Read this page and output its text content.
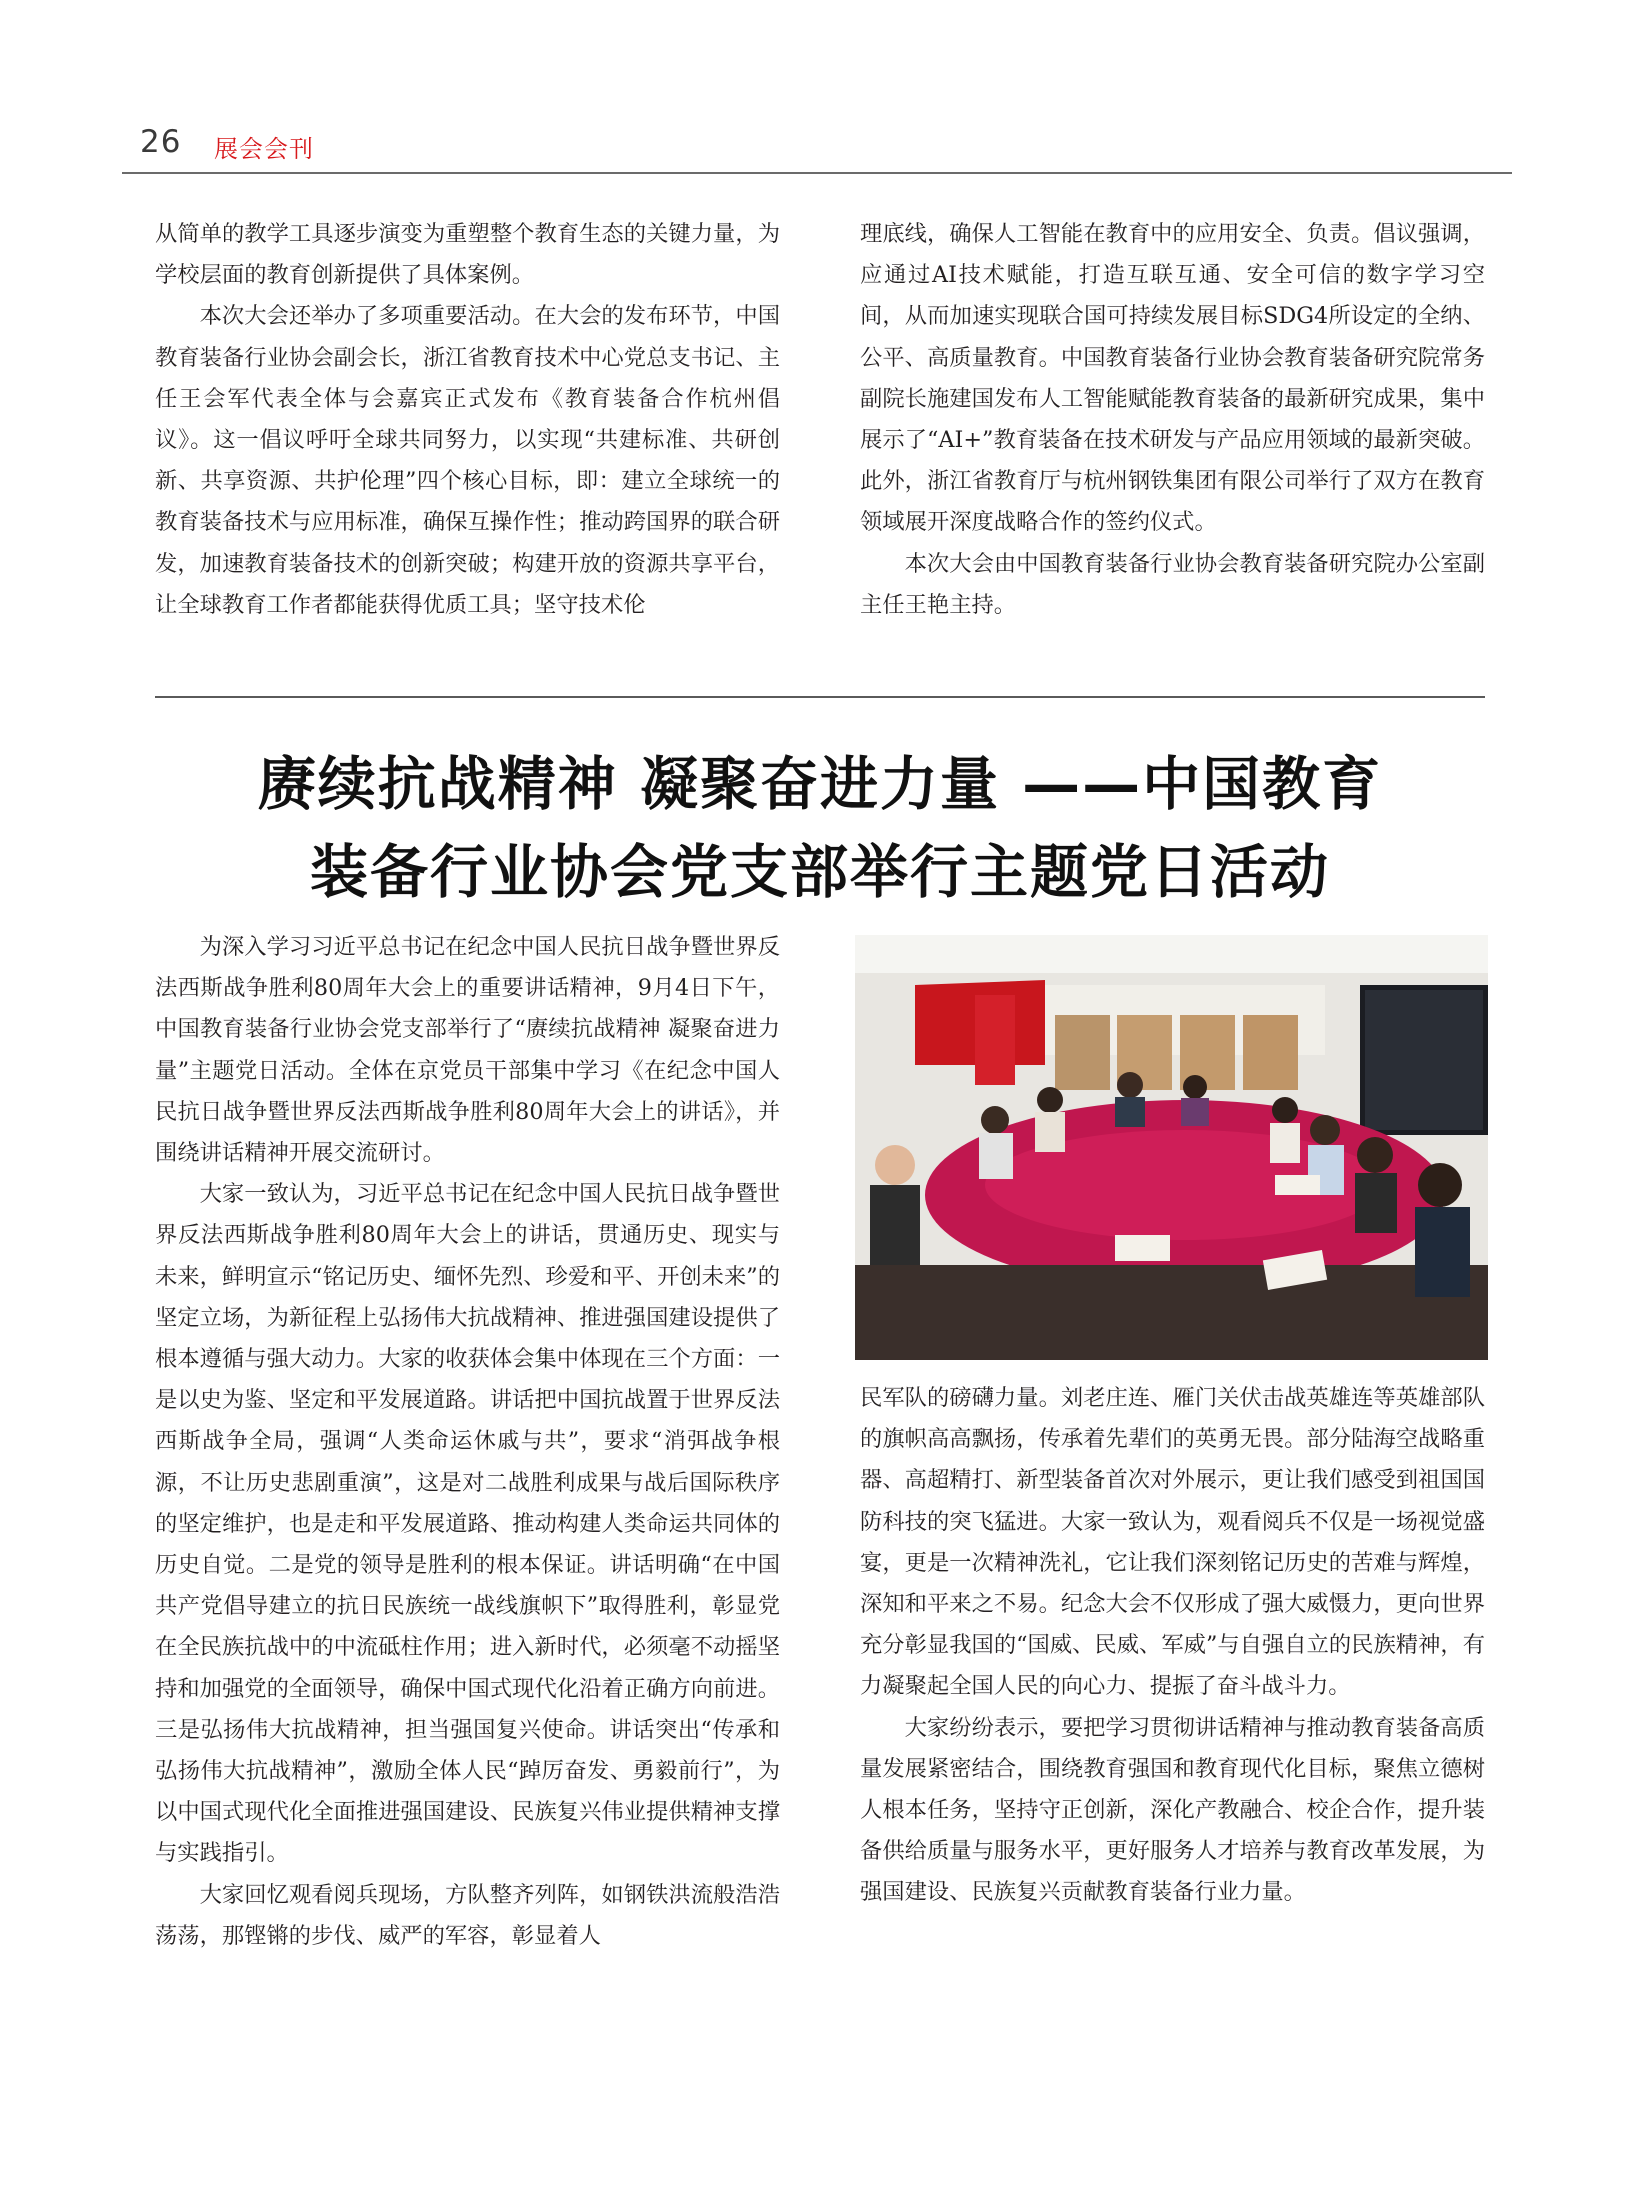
26 展会会刊

从简单的教学工具逐步演变为重塑整个教育生态的关键力量，为学校层面的教育创新提供了具体案例。

本次大会还举办了多项重要活动。在大会的发布环节，中国教育装备行业协会副会长，浙江省教育技术中心党总支书记、主任王会军代表全体与会嘉宾正式发布《教育装备合作杭州倡议》。这一倡议呼吁全球共同努力，以实现“共建标准、共研创新、共享资源、共护伦理”四个核心目标，即：建立全球统一的教育装备技术与应用标准，确保互操作性；推动跨国界的联合研发，加速教育装备技术的创新突破；构建开放的资源共享平台，让全球教育工作者都能获得优质工具；坚守技术伦

理底线，确保人工智能在教育中的应用安全、负责。倡议强调，应通过AI技术赋能，打造互联互通、安全可信的数字学习空间，从而加速实现联合国可持续发展目标SDG4所设定的全纳、公平、高质量教育。中国教育装备行业协会教育装备研究院常务副院长施建国发布人工智能赋能教育装备的最新研究成果，集中展示了“AI+”教育装备在技术研发与产品应用领域的最新突破。此外，浙江省教育厅与杭州钢铁集团有限公司举行了双方在教育领域展开深度战略合作的签约仪式。

本次大会由中国教育装备行业协会教育装备研究院办公室副主任王艳主持。

赓续抗战精神 凝聚奋进力量 ——中国教育
装备行业协会党支部举行主题党日活动

为深入学习习近平总书记在纪念中国人民抗日战争暨世界反法西斯战争胜利80周年大会上的重要讲话精神，9月4日下午，中国教育装备行业协会党支部举行了“赓续抗战精神 凝聚奋进力量”主题党日活动。全体在京党员干部集中学习《在纪念中国人民抗日战争暨世界反法西斯战争胜利80周年大会上的讲话》，并围绕讲话精神开展交流研讨。

大家一致认为，习近平总书记在纪念中国人民抗日战争暨世界反法西斯战争胜利80周年大会上的讲话，贯通历史、现实与未来，鲜明宣示“铭记历史、缅怀先烈、珍爱和平、开创未来”的坚定立场，为新征程上弘扬伟大抗战精神、推进强国建设提供了根本遵循与强大动力。大家的收获体会集中体现在三个方面：一是以史为鉴、坚定和平发展道路。讲话把中国抗战置于世界反法西斯战争全局，强调“人类命运休戚与共”，要求“消弭战争根源，不让历史悲剧重演”，这是对二战胜利成果与战后国际秩序的坚定维护，也是走和平发展道路、推动构建人类命运共同体的历史自觉。二是党的领导是胜利的根本保证。讲话明确“在中国共产党倡导建立的抗日民族统一战线旗帜下”取得胜利，彰显党在全民族抗战中的中流砥柱作用；进入新时代，必须毫不动摇坚持和加强党的全面领导，确保中国式现代化沿着正确方向前进。三是弘扬伟大抗战精神，担当强国复兴使命。讲话突出“传承和弘扬伟大抗战精神”，激励全体人民“踔厉奋发、勇毅前行”，为以中国式现代化全面推进强国建设、民族复兴伟业提供精神支撑与实践指引。

大家回忆观看阅兵现场，方队整齐列阵，如钢铁洪流般浩浩荡荡，那铿锵的步伐、威严的军容，彰显着人

民军队的磅礴力量。刘老庄连、雁门关伏击战英雄连等英雄部队的旗帜高高飘扬，传承着先辈们的英勇无畏。部分陆海空战略重器、高超精打、新型装备首次对外展示，更让我们感受到祖国国防科技的突飞猛进。大家一致认为，观看阅兵不仅是一场视觉盛宴，更是一次精神洗礼，它让我们深刻铭记历史的苦难与辉煌，深知和平来之不易。纪念大会不仅形成了强大威慑力，更向世界充分彰显我国的“国威、民威、军威”与自强自立的民族精神，有力凝聚起全国人民的向心力、提振了奋斗战斗力。

大家纷纷表示，要把学习贯彻讲话精神与推动教育装备高质量发展紧密结合，围绕教育强国和教育现代化目标，聚焦立德树人根本任务，坚持守正创新，深化产教融合、校企合作，提升装备供给质量与服务水平，更好服务人才培养与教育改革发展，为强国建设、民族复兴贡献教育装备行业力量。
